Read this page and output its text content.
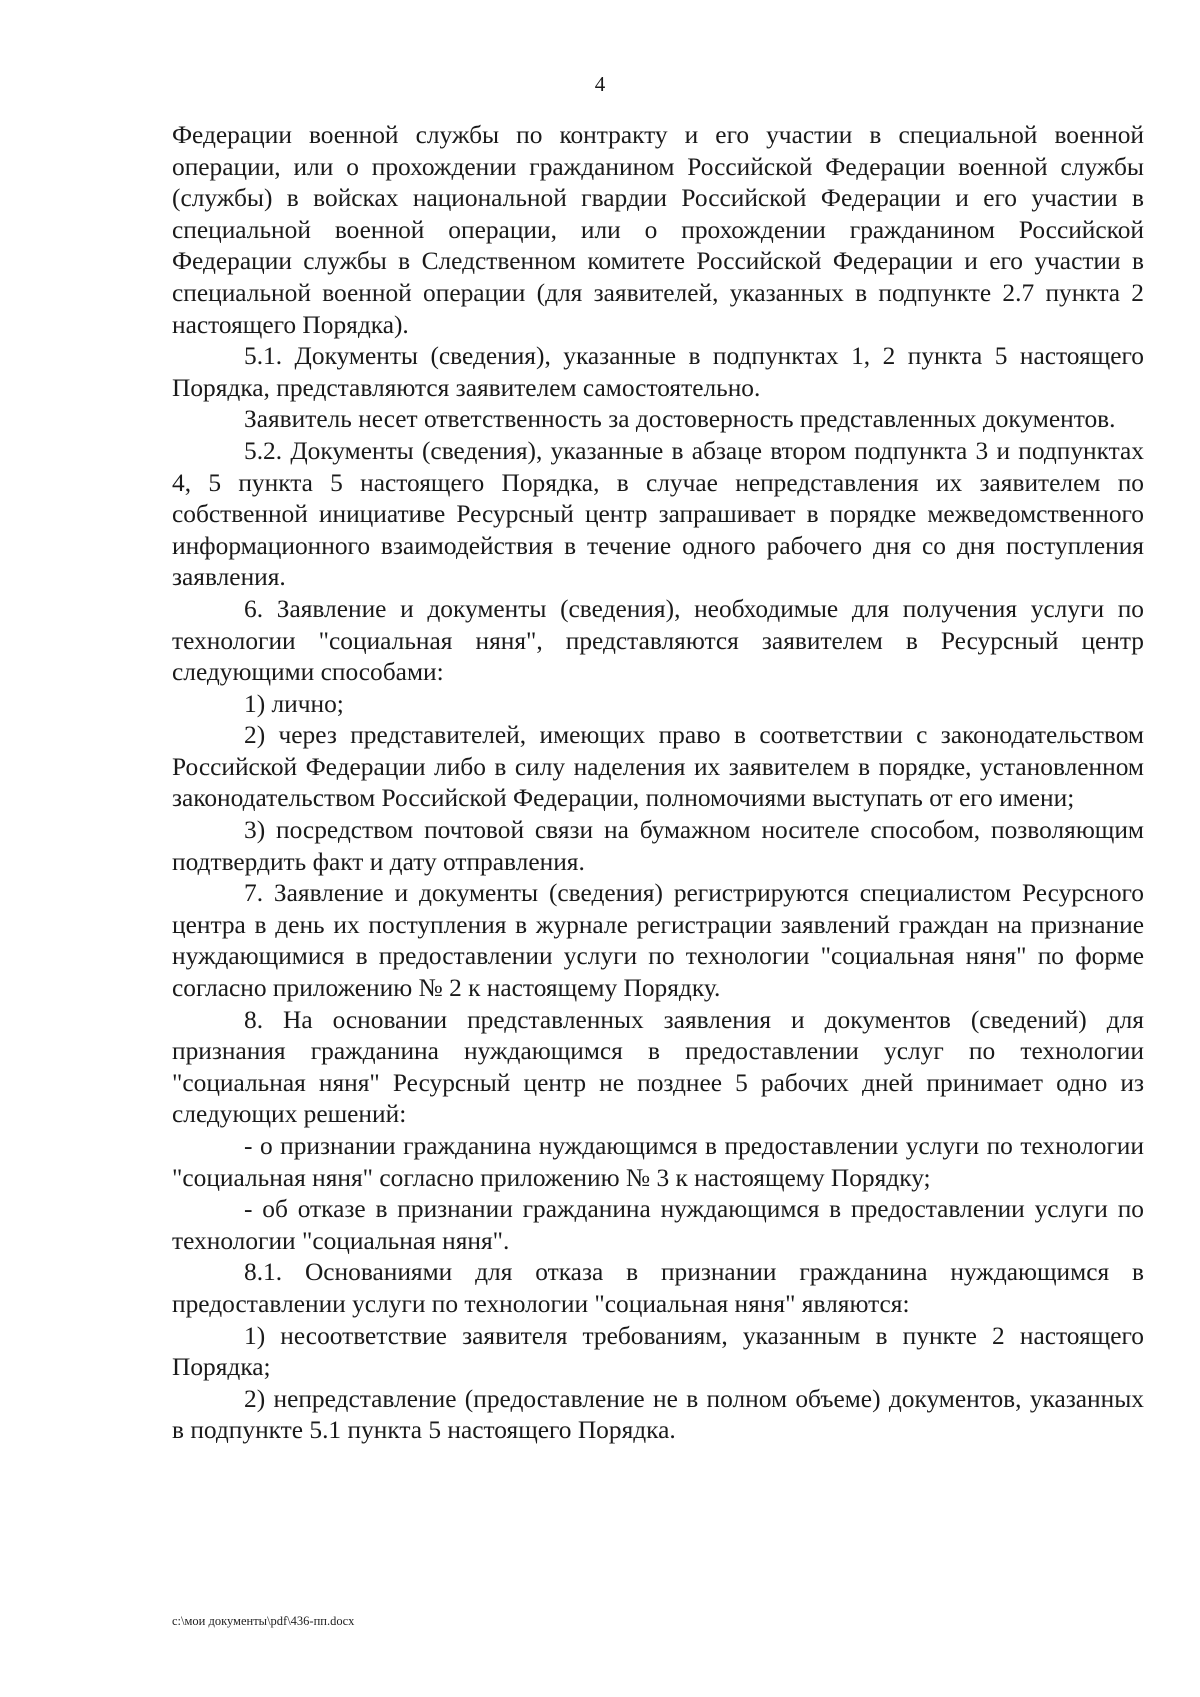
4

Федерации военной службы по контракту и его участии в специальной военной операции, или о прохождении гражданином Российской Федерации военной службы (службы) в войсках национальной гвардии Российской Федерации и его участии в специальной военной операции, или о прохождении гражданином Российской Федерации службы в Следственном комитете Российской Федерации и его участии в специальной военной операции (для заявителей, указанных в подпункте 2.7 пункта 2 настоящего Порядка).

5.1. Документы (сведения), указанные в подпунктах 1, 2 пункта 5 настоящего Порядка, представляются заявителем самостоятельно.

Заявитель несет ответственность за достоверность представленных документов.

5.2. Документы (сведения), указанные в абзаце втором подпункта 3 и подпунктах 4, 5 пункта 5 настоящего Порядка, в случае непредставления их заявителем по собственной инициативе Ресурсный центр запрашивает в порядке межведомственного информационного взаимодействия в течение одного рабочего дня со дня поступления заявления.

6. Заявление и документы (сведения), необходимые для получения услуги по технологии "социальная няня", представляются заявителем в Ресурсный центр следующими способами:

1) лично;

2) через представителей, имеющих право в соответствии с законодательством Российской Федерации либо в силу наделения их заявителем в порядке, установленном законодательством Российской Федерации, полномочиями выступать от его имени;

3) посредством почтовой связи на бумажном носителе способом, позволяющим подтвердить факт и дату отправления.

7. Заявление и документы (сведения) регистрируются специалистом Ресурсного центра в день их поступления в журнале регистрации заявлений граждан на признание нуждающимися в предоставлении услуги по технологии "социальная няня" по форме согласно приложению № 2 к настоящему Порядку.

8. На основании представленных заявления и документов (сведений) для признания гражданина нуждающимся в предоставлении услуг по технологии "социальная няня" Ресурсный центр не позднее 5 рабочих дней принимает одно из следующих решений:

- о признании гражданина нуждающимся в предоставлении услуги по технологии "социальная няня" согласно приложению № 3 к настоящему Порядку;

- об отказе в признании гражданина нуждающимся в предоставлении услуги по технологии "социальная няня".

8.1. Основаниями для отказа в признании гражданина нуждающимся в предоставлении услуги по технологии "социальная няня" являются:

1) несоответствие заявителя требованиям, указанным в пункте 2 настоящего Порядка;

2) непредставление (предоставление не в полном объеме) документов, указанных в подпункте 5.1 пункта 5 настоящего Порядка.

c:\мои документы\pdf\436-пп.docx
